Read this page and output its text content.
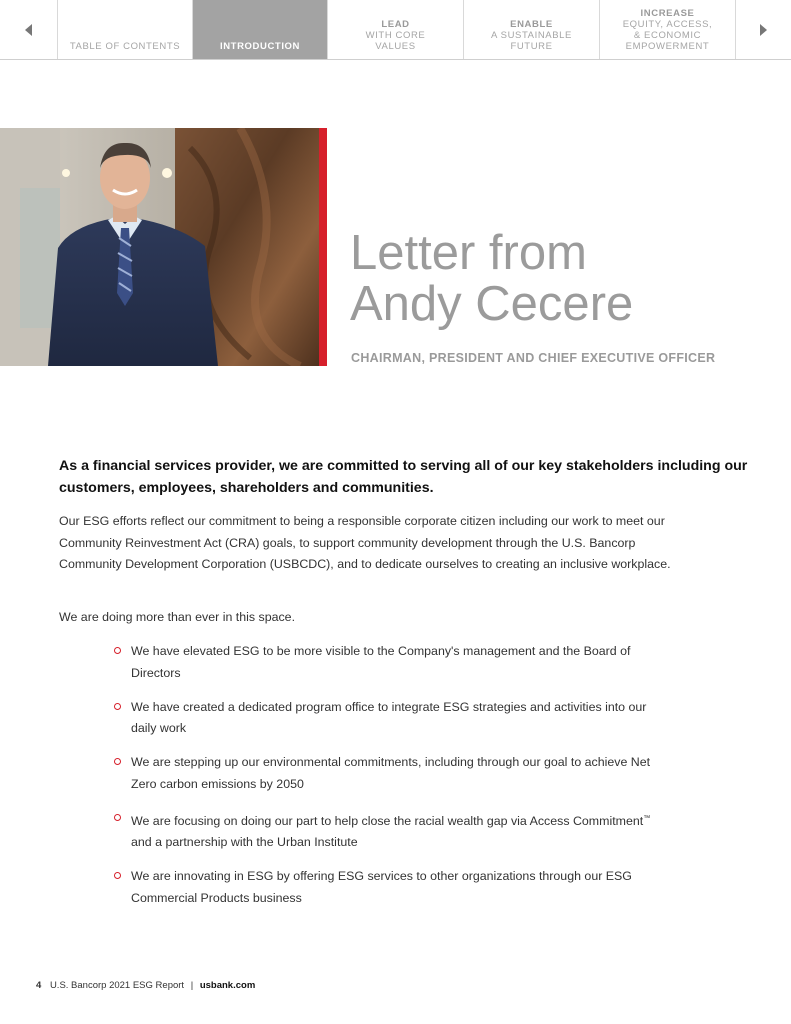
TABLE OF CONTENTS	INTRODUCTION
LEAD
WITH CORE
VALUES
ENABLE
A SUSTAINABLE
FUTURE
INCREASE
EQUITY, ACCESS,
& ECONOMIC
EMPOWERMENT
Letter from
Andy Cecere
CHAIRMAN, PRESIDENT AND CHIEF EXECUTIVE OFFICER
As a financial services provider, we are committed to serving all of our key stakeholders including our customers, employees, shareholders and communities.
Our ESG efforts reflect our commitment to being a responsible corporate citizen including our work to meet our Community Reinvestment Act (CRA) goals, to support community development through the U.S. Bancorp Community Development Corporation (USBCDC), and to dedicate ourselves to creating an inclusive workplace.
We are doing more than ever in this space.
We have elevated ESG to be more visible to the Company's management and the Board of Directors
We have created a dedicated program office to integrate ESG strategies and activities into our daily work
We are stepping up our environmental commitments, including through our goal to achieve Net Zero carbon emissions by 2050
We are focusing on doing our part to help close the racial wealth gap via Access Commitment™ and a partnership with the Urban Institute
We are innovating in ESG by offering ESG services to other organizations through our ESG Commercial Products business
4 U.S. Bancorp 2021 ESG Report | usbank.com
